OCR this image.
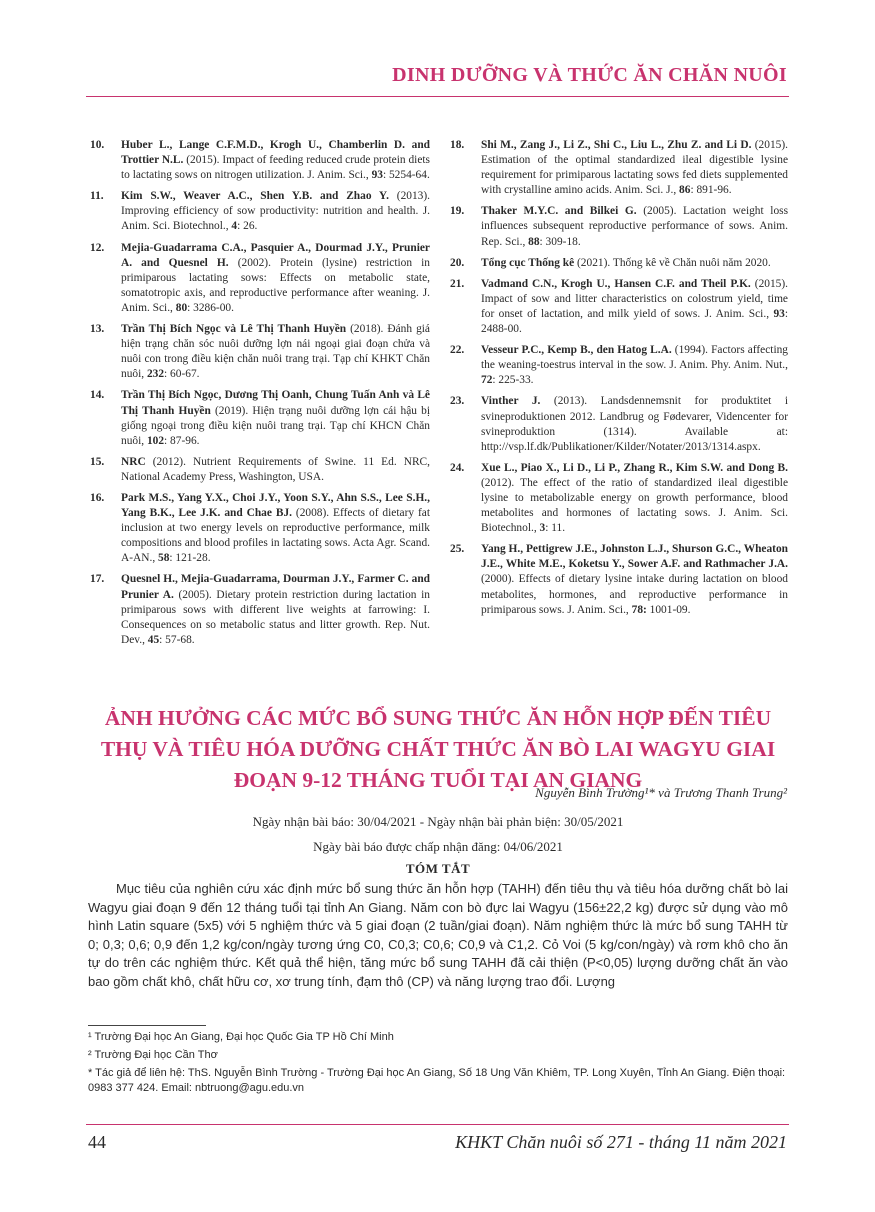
DINH DƯỠNG VÀ THỨC ĂN CHĂN NUÔI

10. Huber L., Lange C.F.M.D., Krogh U., Chamberlin D. and Trottier N.L. (2015). Impact of feeding reduced crude protein diets to lactating sows on nitrogen utilization. J. Anim. Sci., 93: 5254-64.

11. Kim S.W., Weaver A.C., Shen Y.B. and Zhao Y. (2013). Improving efficiency of sow productivity: nutrition and health. J. Anim. Sci. Biotechnol., 4: 26.

12. Mejia-Guadarrama C.A., Pasquier A., Dourmad J.Y., Prunier A. and Quesnel H. (2002). Protein (lysine) restriction in primiparous lactating sows: Effects on metabolic state, somatotropic axis, and reproductive performance after weaning. J. Anim. Sci., 80: 3286-00.

13. Trần Thị Bích Ngọc và Lê Thị Thanh Huyền (2018). Đánh giá hiện trạng chăn sóc nuôi dưỡng lợn nái ngoại giai đoạn chửa và nuôi con trong điều kiện chăn nuôi trang trại. Tạp chí KHKT Chăn nuôi, 232: 60-67.

14. Trần Thị Bích Ngọc, Dương Thị Oanh, Chung Tuấn Anh và Lê Thị Thanh Huyền (2019). Hiện trạng nuôi dưỡng lợn cái hậu bị giống ngoại trong điều kiện nuôi trang trại. Tạp chí KHCN Chăn nuôi, 102: 87-96.

15. NRC (2012). Nutrient Requirements of Swine. 11 Ed. NRC, National Academy Press, Washington, USA.

16. Park M.S., Yang Y.X., Choi J.Y., Yoon S.Y., Ahn S.S., Lee S.H., Yang B.K., Lee J.K. and Chae BJ. (2008). Effects of dietary fat inclusion at two energy levels on reproductive performance, milk compositions and blood profiles in lactating sows. Acta Agr. Scand. A-AN., 58: 121-28.

17. Quesnel H., Mejia-Guadarrama, Dourman J.Y., Farmer C. and Prunier A. (2005). Dietary protein restriction during lactation in primiparous sows with different live weights at farrowing: I. Consequences on so metabolic status and litter growth. Rep. Nut. Dev., 45: 57-68.

18. Shi M., Zang J., Li Z., Shi C., Liu L., Zhu Z. and Li D. (2015). Estimation of the optimal standardized ileal digestible lysine requirement for primiparous lactating sows fed diets supplemented with crystalline amino acids. Anim. Sci. J., 86: 891-96.

19. Thaker M.Y.C. and Bilkei G. (2005). Lactation weight loss influences subsequent reproductive performance of sows. Anim. Rep. Sci., 88: 309-18.

20. Tổng cục Thống kê (2021). Thống kê về Chăn nuôi năm 2020.

21. Vadmand C.N., Krogh U., Hansen C.F. and Theil P.K. (2015). Impact of sow and litter characteristics on colostrum yield, time for onset of lactation, and milk yield of sows. J. Anim. Sci., 93: 2488-00.

22. Vesseur P.C., Kemp B., den Hatog L.A. (1994). Factors affecting the weaning-toestrus interval in the sow. J. Anim. Phy. Anim. Nut., 72: 225-33.

23. Vinther J. (2013). Landsdennemsnit for produktitet i svineproduktionen 2012. Landbrug og Fødevarer, Videncenter for svineproduktion (1314). Available at: http://vsp.lf.dk/Publikationer/Kilder/Notater/2013/1314.aspx.

24. Xue L., Piao X., Li D., Li P., Zhang R., Kim S.W. and Dong B. (2012). The effect of the ratio of standardized ileal digestible lysine to metabolizable energy on growth performance, blood metabolites and hormones of lactating sows. J. Anim. Sci. Biotechnol., 3: 11.

25. Yang H., Pettigrew J.E., Johnston L.J., Shurson G.C., Wheaton J.E., White M.E., Koketsu Y., Sower A.F. and Rathmacher J.A. (2000). Effects of dietary lysine intake during lactation on blood metabolites, hormones, and reproductive performance in primiparous sows. J. Anim. Sci., 78: 1001-09.

ẢNH HƯỞNG CÁC MỨC BỔ SUNG THỨC ĂN HỖN HỢP ĐẾN TIÊU THỤ VÀ TIÊU HÓA DƯỠNG CHẤT THỨC ĂN BÒ LAI WAGYU GIAI ĐOẠN 9-12 THÁNG TUỔI TẠI AN GIANG
Nguyễn Bình Trường¹* và Trương Thanh Trung²
Ngày nhận bài báo: 30/04/2021 - Ngày nhận bài phản biện: 30/05/2021
Ngày bài báo được chấp nhận đăng: 04/06/2021
TÓM TẮT

Mục tiêu của nghiên cứu xác định mức bổ sung thức ăn hỗn hợp (TAHH) đến tiêu thụ và tiêu hóa dưỡng chất bò lai Wagyu giai đoạn 9 đến 12 tháng tuổi tại tỉnh An Giang. Năm con bò đực lai Wagyu (156±22,2 kg) được sử dụng vào mô hình Latin square (5x5) với 5 nghiệm thức và 5 giai đoạn (2 tuần/giai đoạn). Năm nghiệm thức là mức bổ sung TAHH từ 0; 0,3; 0,6; 0,9 đến 1,2 kg/con/ngày tương ứng C0, C0,3; C0,6; C0,9 và C1,2. Cỏ Voi (5 kg/con/ngày) và rơm khô cho ăn tự do trên các nghiệm thức. Kết quả thể hiện, tăng mức bổ sung TAHH đã cải thiện (P<0,05) lượng dưỡng chất ăn vào bao gồm chất khô, chất hữu cơ, xơ trung tính, đạm thô (CP) và năng lượng trao đổi. Lượng

¹ Trường Đại học An Giang, Đại học Quốc Gia TP Hồ Chí Minh

² Trường Đại học Cần Thơ

* Tác giả để liên hệ: ThS. Nguyễn Bình Trường - Trường Đại học An Giang, Số 18 Ung Văn Khiêm, TP. Long Xuyên, Tỉnh An Giang. Điện thoại: 0983 377 424. Email: nbtruong@agu.edu.vn

44	KHKT Chăn nuôi số 271 - tháng 11 năm 2021
